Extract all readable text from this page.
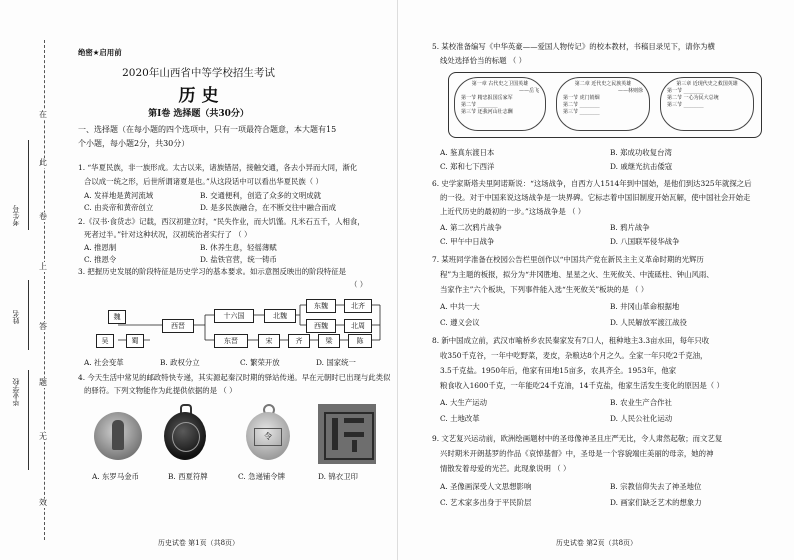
在
此
卷
上
答
题
无
效
考生号
姓名
毕业学校
绝密★启用前
2020年山西省中等学校招生考试
历 史
第Ⅰ卷 选择题（共30分）
一、选择题（在每小题的四个选项中，只有一项最符合题意，本大题有15
个小题，每小题2分，共30分）
1. “华夏民族，非一族形成。太古以来，诸族错居，接触交通，各去小异而大同，渐化
合以成一统之形，后世所谓诸夏是也。”从这段话中可以看出华夏民族（ ）
A. 发祥地是黄河流域	B. 交通便利，创造了众多的文明成就
C. 由炎帝和黄帝创立	D. 是多民族融合，在不断交往中融合而成
2.《汉书·食货志》记载，西汉初建立时，“民失作业，而大饥馑。凡米石五千，人相食，
死者过半。”针对这种状况，汉初统治者实行了 （ ）
A. 推恩制	B. 休养生息，轻徭薄赋
C. 推恩令	D. 盐铁官营，统一铸币
3. 把握历史发展的阶段特征是历史学习的基本要求。如示意图反映出的阶段特征是
（ ）
魏
吴	蜀
西晋
十六国	北魏
东魏	北齐
西魏	北周
东晋	宋	齐	梁	陈
A. 社会变革	B. 政权分立	C. 繁荣开放	D. 国家统一
4. 今天生活中常见的邮政特快专递，其实源起秦汉时期的驿站传递。早在元朝时已出现与此类似
的驿符。下列文物能作为此提供依据的是 （ ）
令
A. 东罗马金币	B. 西夏符牌	C. 急递铺令牌	D. 锦衣卫印
历史试卷 第1页（共8页）
5. 某校准备编写《中华英豪——爱国人物传记》的校本教材，书稿目录见下，请你为横
线处选择恰当的标题 （ ）
第一章 古代史之卫国英雄
——岳飞
第一节 精忠报国岳家军
第二节 ________
第三节 还我河山壮志酬
第二章 近代史之民族英雄
——林则徐
第一节 虎门销烟
第二节 ________
第三节 ________
第三章 近现代史之救国英雄
第一节 ________
第二节 一心为民大总统
第三节 ________
A. 鉴真东渡日本	B. 郑成功收复台湾
C. 郑和七下西洋	D. 戚继光抗击倭寇
6. 史学家斯塔夫里阿诺斯说：“这场战争，自西方人1514年到中国始，是他们到达325年就探之后
的一役。对于中国来说这场战争是一块界碑。它标志着中国旧制度开始瓦解，使中国社会开始走
上近代历史的最初的一步。”这场战争是 （ ）
A. 第二次鸦片战争	B. 鸦片战争
C. 甲午中日战争	D. 八国联军侵华战争
7. 某班同学准备在校园公告栏里创作以“中国共产党在新民主主义革命时期的光辉历
程”为主题的板报，拟分为“井冈胜地、星星之火、生死攸关、中流砥柱、钟山风雨、
当家作主”六个板块，下列事件能入选“生死攸关”板块的是 （ ）
A. 中共一大	B. 井冈山革命根据地
C. 遵义会议	D. 人民解放军渡江战役
8. 新中国成立前，武汉市喻桥乡农民秦家发有7口人，租种地主3.3亩水田，每年只收
收350千克谷，一年中吃野菜，麦皮，杂粮达8个月之久。全家一年只吃2千克油，
3.5千克盐。1950年后，他家有田地15亩多，农具齐全。1953年，他家
粮食收入1600千克，一年能吃24千克油，14千克盐，他家生活发生变化的原因是（ ）
A. 大生产运动	B. 农业生产合作社
C. 土地改革	D. 人民公社化运动
9. 文艺复兴运动前，欧洲绘画题材中的圣母像神圣且庄严无比，令人肃然起敬；而文艺复
兴时期米开朗基罗的作品《哀悼基督》中，圣母是一个容貌端庄美丽的母亲，她的神
情散发着母爱的光芒。此现象说明 （ ）
A. 圣像画深受人文思想影响	B. 宗教信仰失去了神圣地位
C. 艺术家多出身于平民阶层	D. 画家们缺乏艺术的想象力
历史试卷 第2页（共8页）
